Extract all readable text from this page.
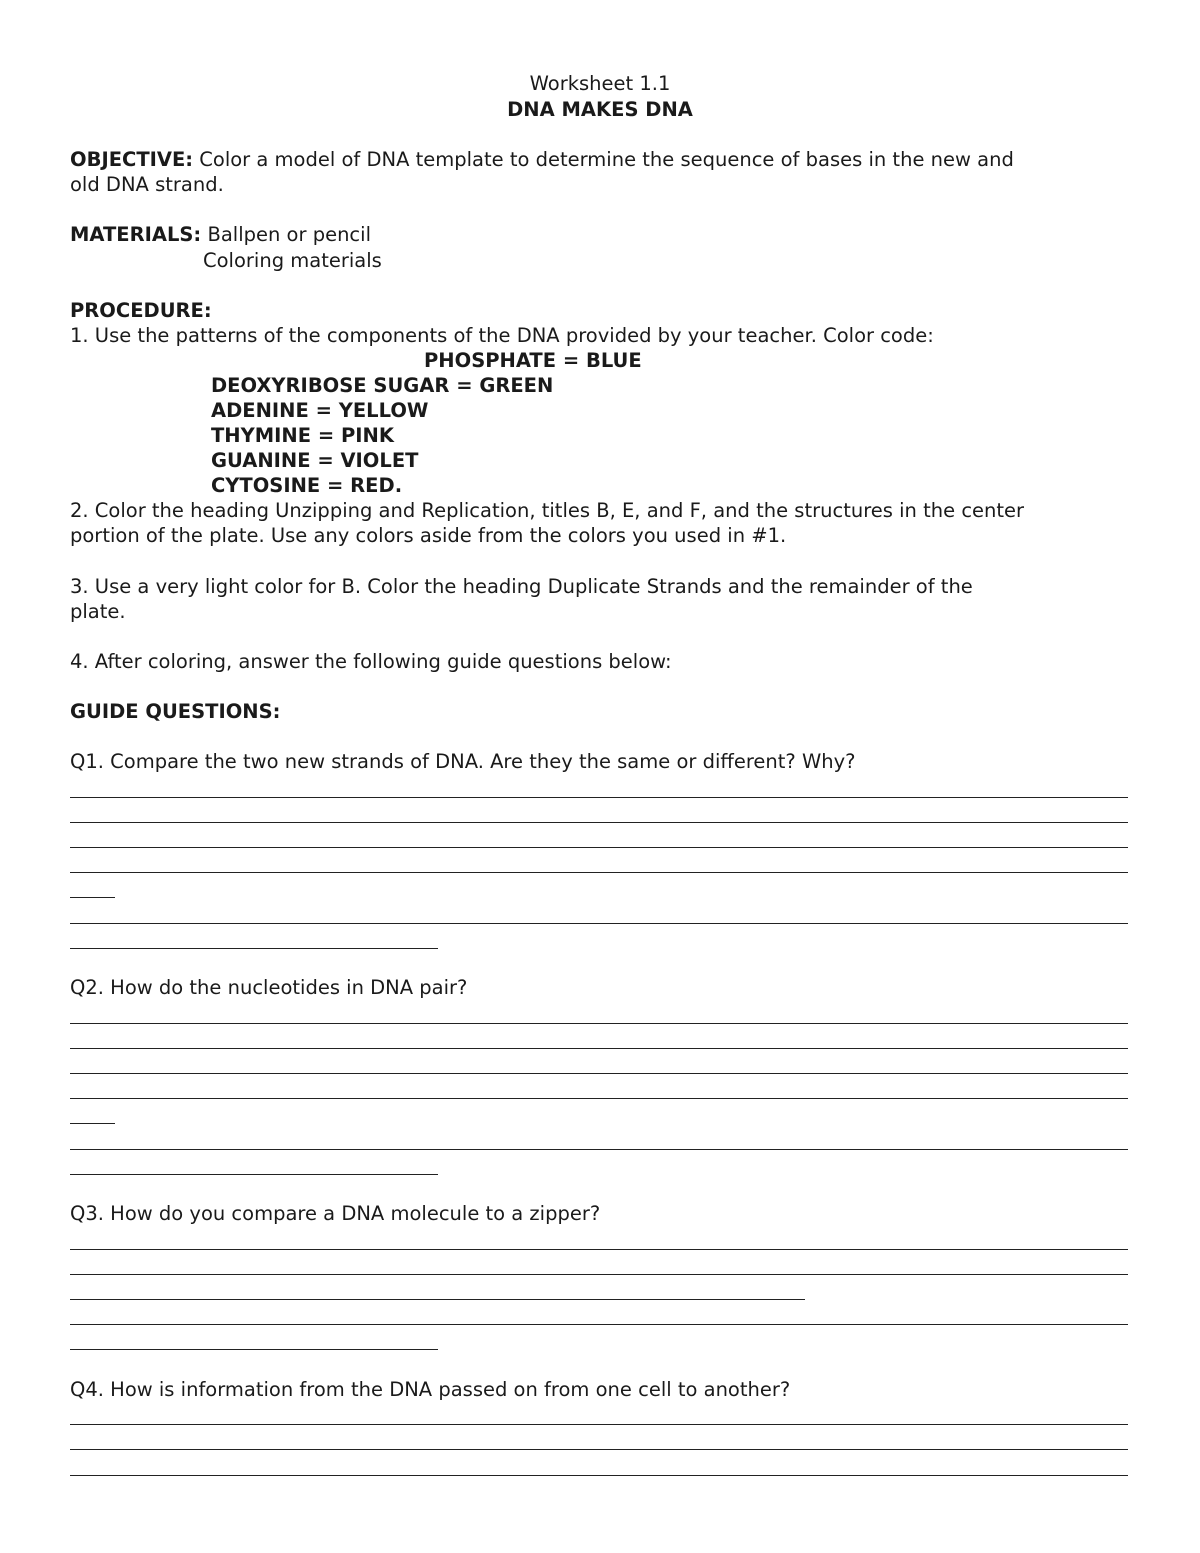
Worksheet 1.1
DNA MAKES DNA
OBJECTIVE: Color a model of DNA template to determine the sequence of bases in the new and
old DNA strand.
MATERIALS: Ballpen or pencil
Coloring materials
PROCEDURE:
1. Use the patterns of the components of the DNA provided by your teacher. Color code:
PHOSPHATE = BLUE
DEOXYRIBOSE SUGAR = GREEN
ADENINE = YELLOW
THYMINE = PINK
GUANINE = VIOLET
CYTOSINE = RED.
2. Color the heading Unzipping and Replication, titles B, E, and F, and the structures in the center
portion of the plate. Use any colors aside from the colors you used in #1.
3. Use a very light color for B. Color the heading Duplicate Strands and the remainder of the
plate.
4. After coloring, answer the following guide questions below:
GUIDE QUESTIONS:
Q1. Compare the two new strands of DNA. Are they the same or different? Why?
Q2. How do the nucleotides in DNA pair?
Q3. How do you compare a DNA molecule to a zipper?
Q4. How is information from the DNA passed on from one cell to another?
